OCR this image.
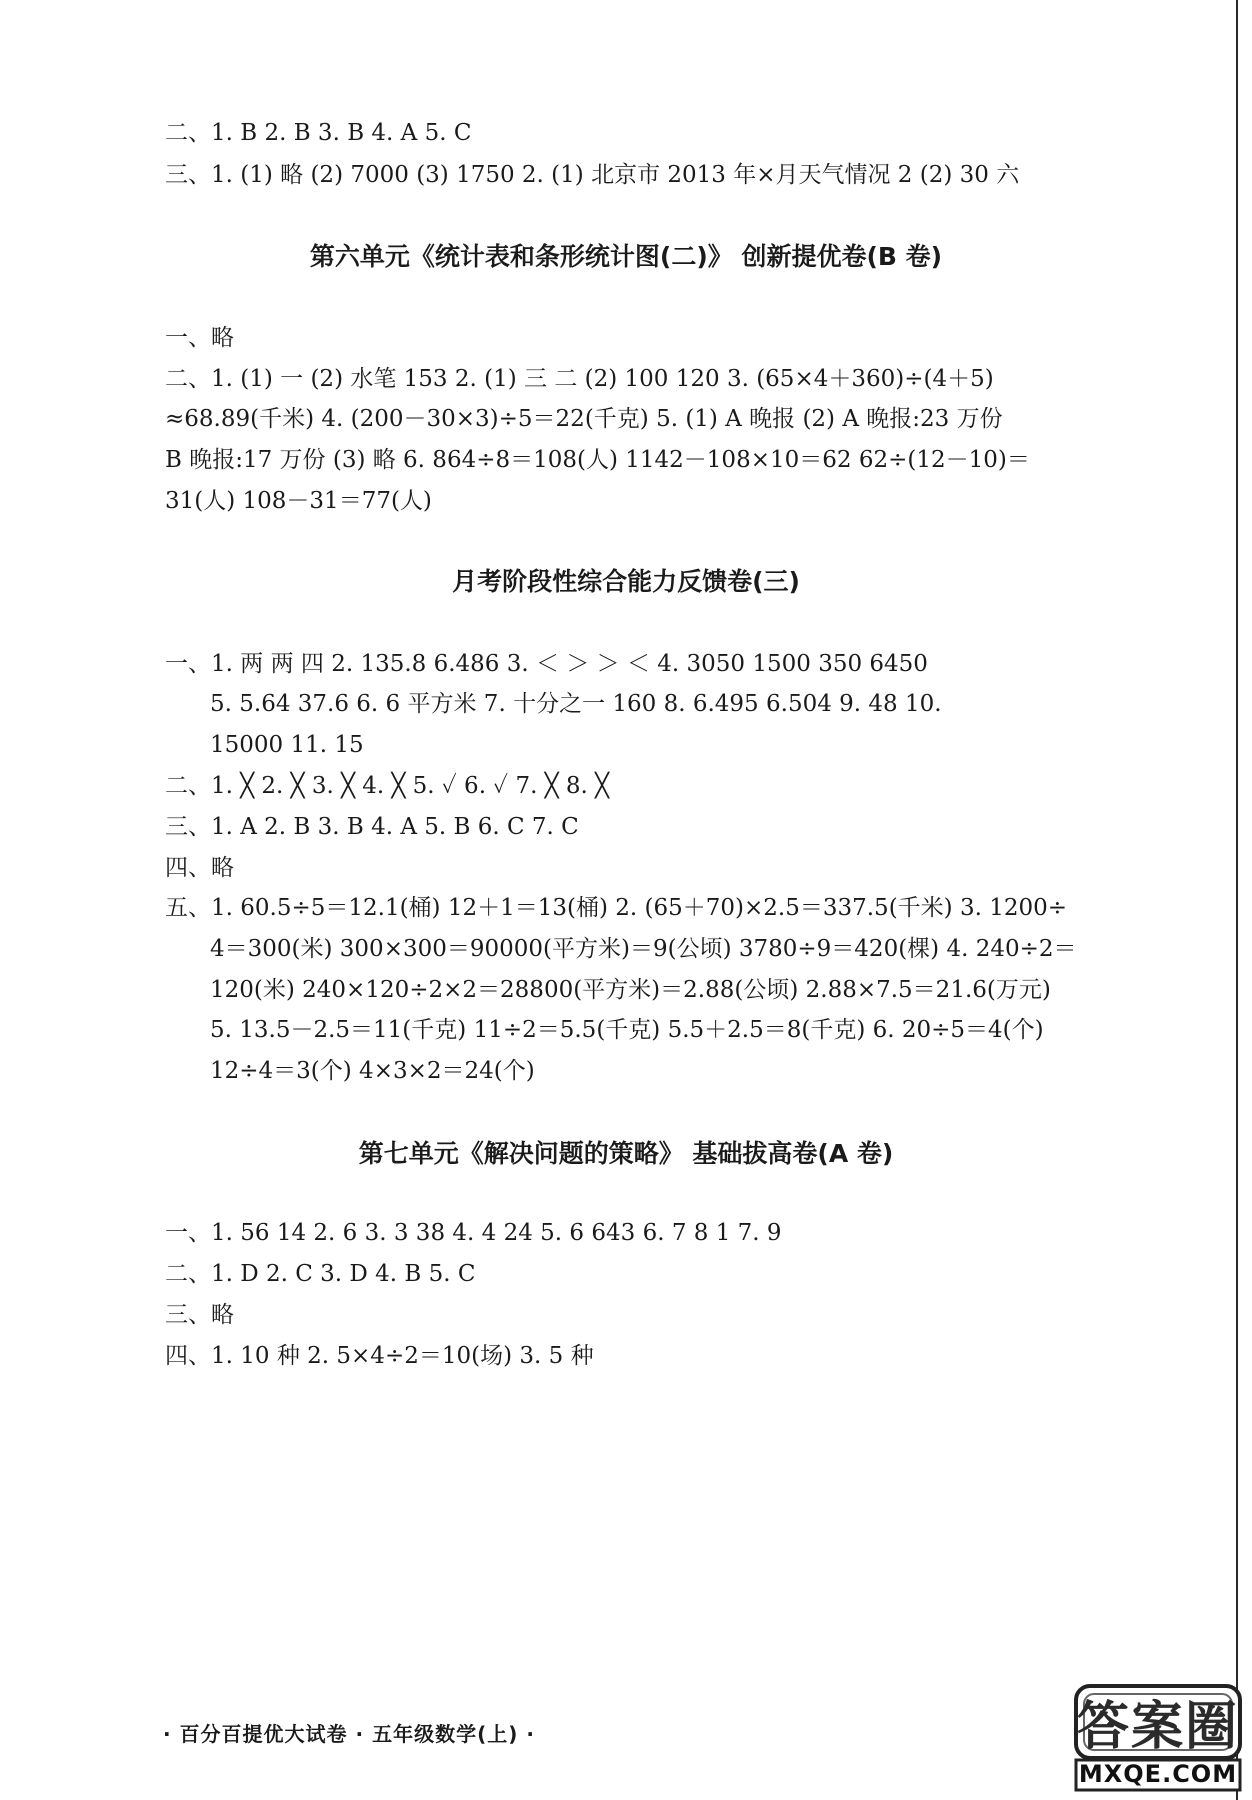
二、1. B 2. B 3. B 4. A 5. C
三、1. (1) 略 (2) 7000 (3) 1750 2. (1) 北京市 2013 年×月天气情况 2 (2) 30 六
第六单元《统计表和条形统计图(二)》 创新提优卷(B 卷)
一、略
二、1. (1) 一 (2) 水笔 153 2. (1) 三 二 (2) 100 120 3. (65×4＋360)÷(4＋5)
≈68.89(千米) 4. (200－30×3)÷5＝22(千克) 5. (1) A 晚报 (2) A 晚报:23 万份
B 晚报:17 万份 (3) 略 6. 864÷8＝108(人) 1142－108×10＝62 62÷(12－10)＝
31(人) 108－31＝77(人)
月考阶段性综合能力反馈卷(三)
一、1. 两 两 四 2. 135.8 6.486 3. ＜ ＞ ＞ ＜ 4. 3050 1500 350 6450
5. 5.64 37.6 6. 6 平方米 7. 十分之一 160 8. 6.495 6.504 9. 48 10.
15000 11. 15
二、1. ╳ 2. ╳ 3. ╳ 4. ╳ 5. ✓ 6. ✓ 7. ╳ 8. ╳
三、1. A 2. B 3. B 4. A 5. B 6. C 7. C
四、略
五、1. 60.5÷5＝12.1(桶) 12＋1＝13(桶) 2. (65＋70)×2.5＝337.5(千米) 3. 1200÷
4＝300(米) 300×300＝90000(平方米)＝9(公顷) 3780÷9＝420(棵) 4. 240÷2＝
120(米) 240×120÷2×2＝28800(平方米)＝2.88(公顷) 2.88×7.5＝21.6(万元)
5. 13.5－2.5＝11(千克) 11÷2＝5.5(千克) 5.5＋2.5＝8(千克) 6. 20÷5＝4(个)
12÷4＝3(个) 4×3×2＝24(个)
第七单元《解决问题的策略》 基础拔高卷(A 卷)
一、1. 56 14 2. 6 3. 3 38 4. 4 24 5. 6 643 6. 7 8 1 7. 9
二、1. D 2. C 3. D 4. B 5. C
三、略
四、1. 10 种 2. 5×4÷2＝10(场) 3. 5 种
· 百分百提优大试卷 · 五年级数学(上) ·	答案圈
MXQE.COM
